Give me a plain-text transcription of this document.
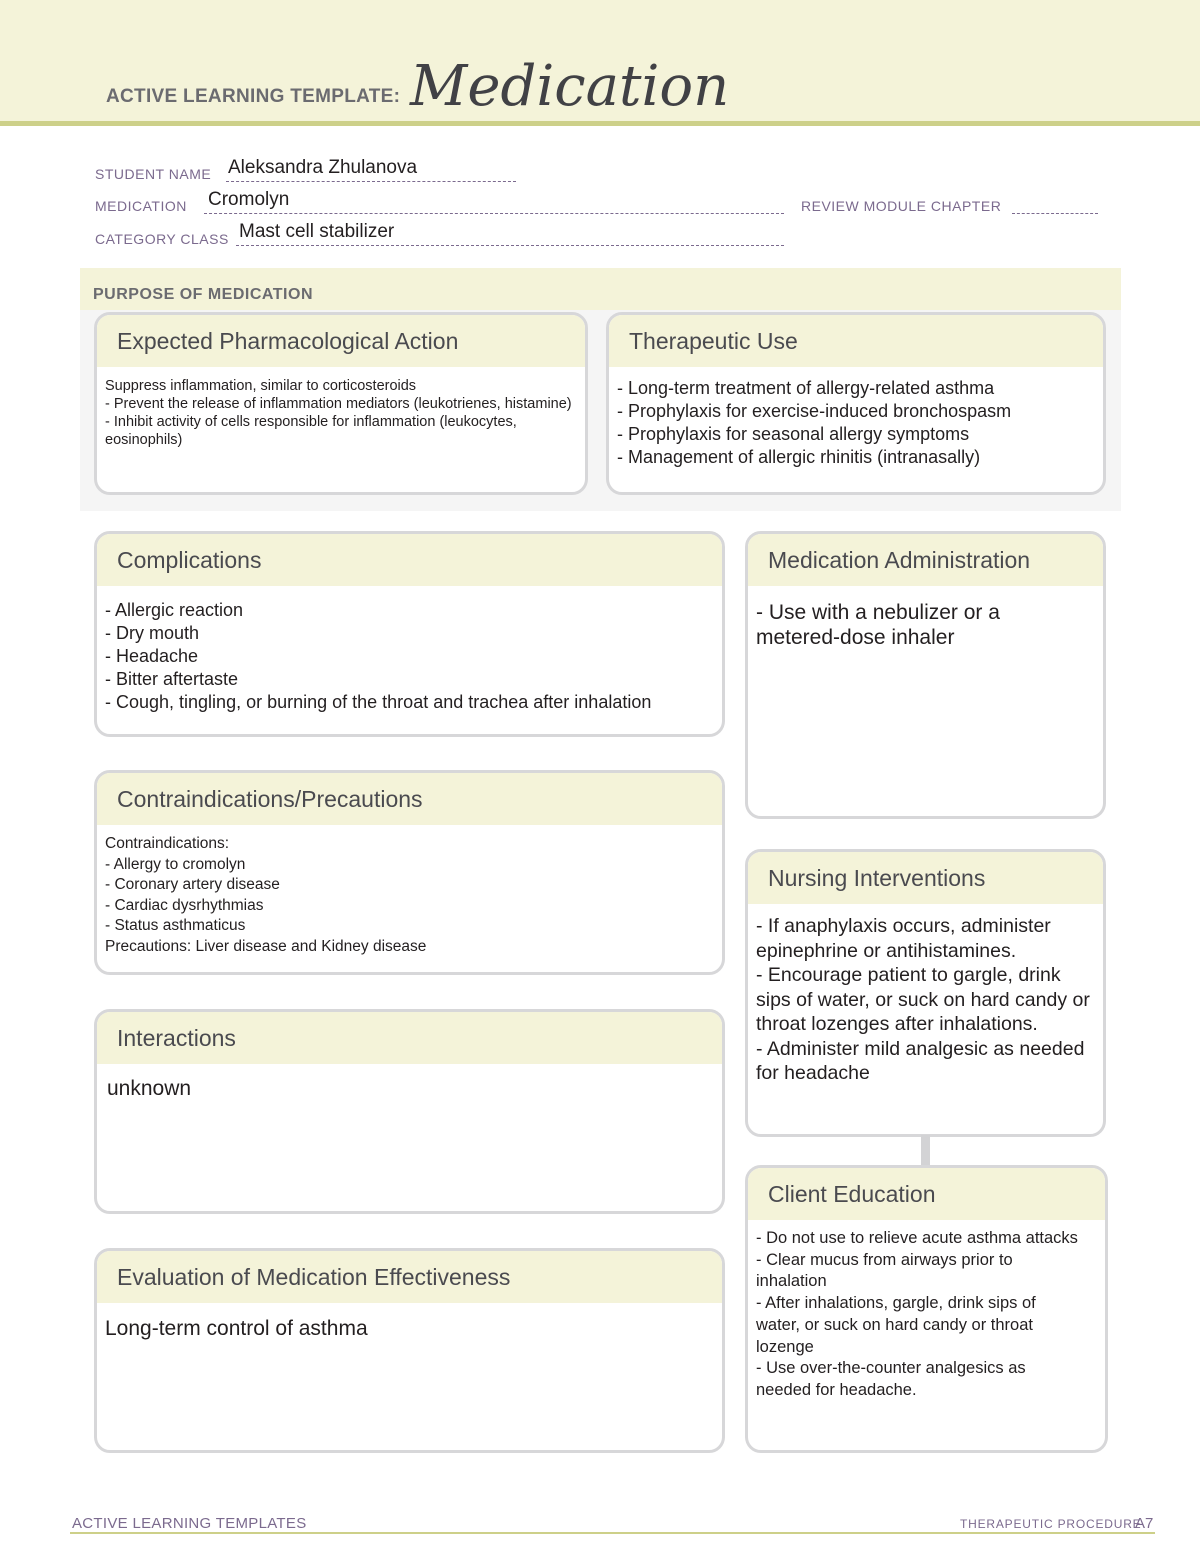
ACTIVE LEARNING TEMPLATE: Medication
STUDENT NAME Aleksandra Zhulanova
MEDICATION Cromolyn	REVIEW MODULE CHAPTER
CATEGORY CLASS Mast cell stabilizer
PURPOSE OF MEDICATION
Expected Pharmacological Action
Suppress inflammation, similar to corticosteroids
- Prevent the release of inflammation mediators (leukotrienes, histamine)
- Inhibit activity of cells responsible for inflammation (leukocytes, eosinophils)
Therapeutic Use
- Long-term treatment of allergy-related asthma
- Prophylaxis for exercise-induced bronchospasm
- Prophylaxis for seasonal allergy symptoms
- Management of allergic rhinitis (intranasally)
Complications
- Allergic reaction
- Dry mouth
- Headache
- Bitter aftertaste
- Cough, tingling, or burning of the throat and trachea after inhalation
Contraindications/Precautions
Contraindications:
- Allergy to cromolyn
- Coronary artery disease
- Cardiac dysrhythmias
- Status asthmaticus
Precautions: Liver disease and Kidney disease
Interactions
unknown
Evaluation of Medication Effectiveness
Long-term control of asthma
Medication Administration
- Use with a nebulizer or a metered-dose inhaler
Nursing Interventions
- If anaphylaxis occurs, administer epinephrine or antihistamines.
- Encourage patient to gargle, drink sips of water, or suck on hard candy or throat lozenges after inhalations.
- Administer mild analgesic as needed for headache
Client Education
- Do not use to relieve acute asthma attacks
- Clear mucus from airways prior to inhalation
- After inhalations, gargle, drink sips of water, or suck on hard candy or throat lozenge
- Use over-the-counter analgesics as needed for headache.
ACTIVE LEARNING TEMPLATES	THERAPEUTIC PROCEDURE
A7
